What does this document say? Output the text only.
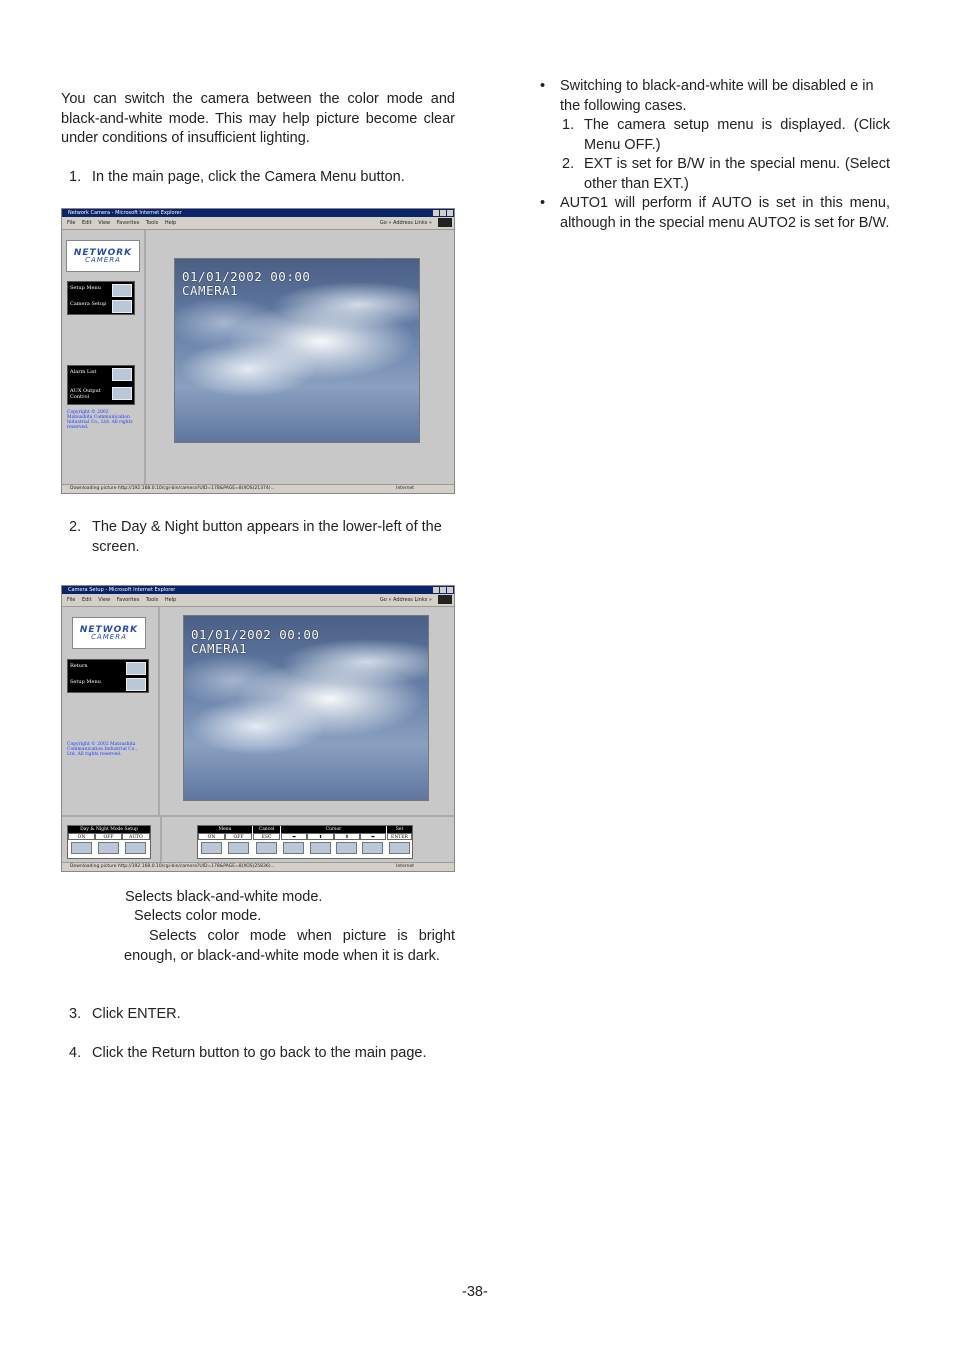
You can switch the camera between the color mode and black-and-white mode. This may help picture become clear under conditions of insufficient lighting.
1. In the main page, click the Camera Menu button.
Network Camera - Microsoft Internet Explorer
File Edit View Favorites Tools Help	Go » Address Links »
NETWORK
CAMERA
Setup Menu
Camera Setup
Alarm List
AUX Output Control
Copyright © 2002 Matsushita Communication Industrial Co., Ltd. All rights reserved.
01/01/2002 00:00
CAMERA1
Downloading picture http://192.168.0.10/cgi-bin/camera?UID=178&PAGE=8(XOS)21374)...	Internet
2. The Day & Night button appears in the lower-left of the screen.
Camera Setup - Microsoft Internet Explorer
File Edit View Favorites Tools Help	Go » Address Links »
NETWORK
CAMERA
Return
Setup Menu
Copyright © 2002 Matsushita Communication Industrial Co., Ltd. All rights reserved.
01/01/2002 00:00
CAMERA1
Day & Night Mode Setup
ON	OFF	AUTO
Menu	Cancel	Cursor	Set
ON	OFF	ESC	⬅	⬆	⬇	➡	ENTER
Downloading picture http://192.168.0.10/cgi-bin/camera?UID=178&PAGE=8(XOS)25836)...	Internet
Selects black-and-white mode.
Selects color mode.
Selects color mode when picture is bright enough, or black-and-white mode when it is dark.
3. Click ENTER.
4. Click the Return button to go back to the main page.
• Switching to black-and-white will be disabled e in the following cases.
1. The camera setup menu is displayed. (Click Menu OFF.)
2. EXT is set for B/W in the special menu. (Select other than EXT.)
• AUTO1 will perform if AUTO is set in this menu, although in the special menu AUTO2 is set for B/W.
-38-
